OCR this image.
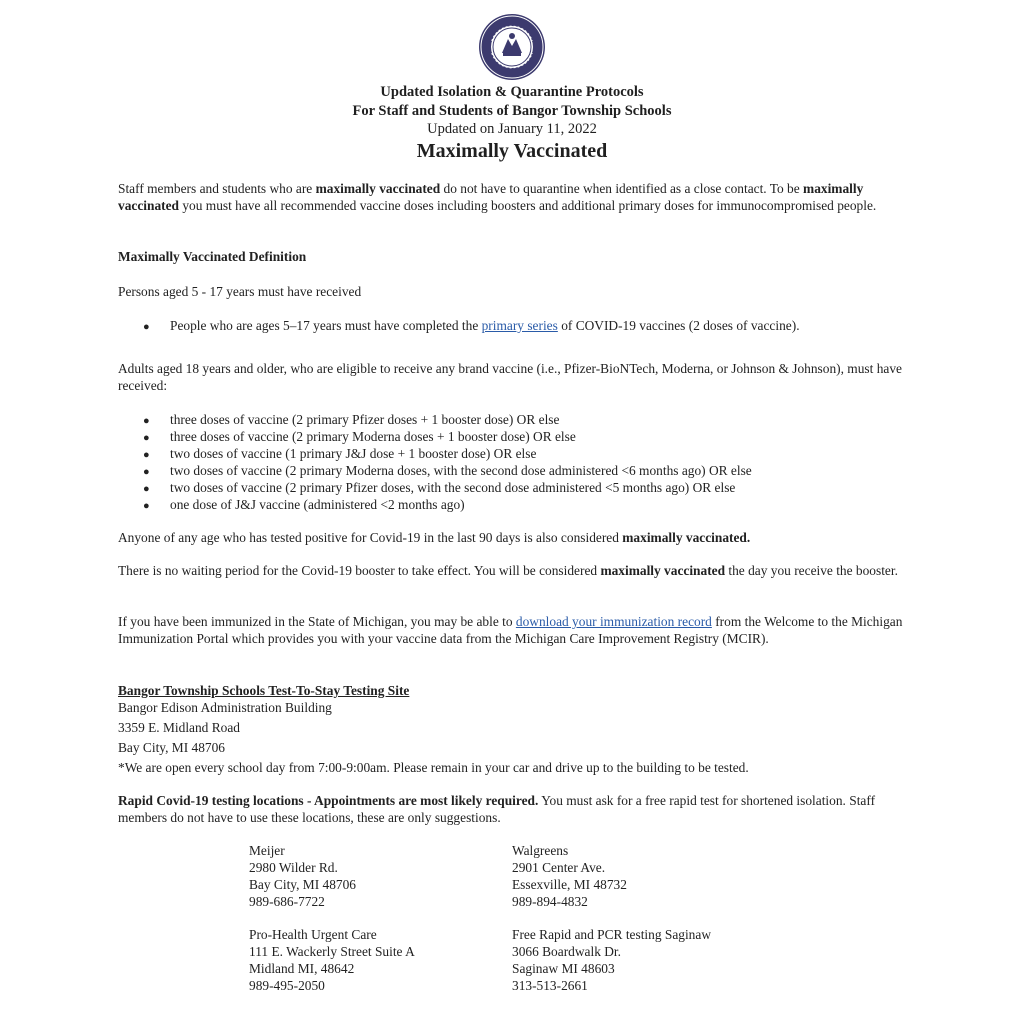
Updated Isolation & Quarantine Protocols
For Staff and Students of Bangor Township Schools
Updated on January 11, 2022
Maximally Vaccinated
Staff members and students who are maximally vaccinated do not have to quarantine when identified as a close contact. To be maximally vaccinated you must have all recommended vaccine doses including boosters and additional primary doses for immunocompromised people.
Maximally Vaccinated Definition
Persons aged 5 - 17 years must have received
● People who are ages 5–17 years must have completed the primary series of COVID-19 vaccines (2 doses of vaccine).
Adults aged 18 years and older, who are eligible to receive any brand vaccine (i.e., Pfizer-BioNTech, Moderna, or Johnson & Johnson), must have received:
● three doses of vaccine (2 primary Pfizer doses + 1 booster dose) OR else
● three doses of vaccine (2 primary Moderna doses + 1 booster dose) OR else
● two doses of vaccine (1 primary J&J dose + 1 booster dose) OR else
● two doses of vaccine (2 primary Moderna doses, with the second dose administered <6 months ago) OR else
● two doses of vaccine (2 primary Pfizer doses, with the second dose administered <5 months ago) OR else
● one dose of J&J vaccine (administered <2 months ago)
Anyone of any age who has tested positive for Covid-19 in the last 90 days is also considered maximally vaccinated.
There is no waiting period for the Covid-19 booster to take effect. You will be considered maximally vaccinated the day you receive the booster.
If you have been immunized in the State of Michigan, you may be able to download your immunization record from the Welcome to the Michigan Immunization Portal which provides you with your vaccine data from the Michigan Care Improvement Registry (MCIR).
Bangor Township Schools Test-To-Stay Testing Site
Bangor Edison Administration Building
3359 E. Midland Road
Bay City, MI 48706
*We are open every school day from 7:00-9:00am. Please remain in your car and drive up to the building to be tested.
Rapid Covid-19 testing locations - Appointments are most likely required. You must ask for a free rapid test for shortened isolation. Staff members do not have to use these locations, these are only suggestions.
Meijer
2980 Wilder Rd.
Bay City, MI 48706
989-686-7722
Walgreens
2901 Center Ave.
Essexville, MI 48732
989-894-4832
Pro-Health Urgent Care
111 E. Wackerly Street Suite A
Midland MI, 48642
989-495-2050
Free Rapid and PCR testing Saginaw
3066 Boardwalk Dr.
Saginaw MI 48603
313-513-2661
